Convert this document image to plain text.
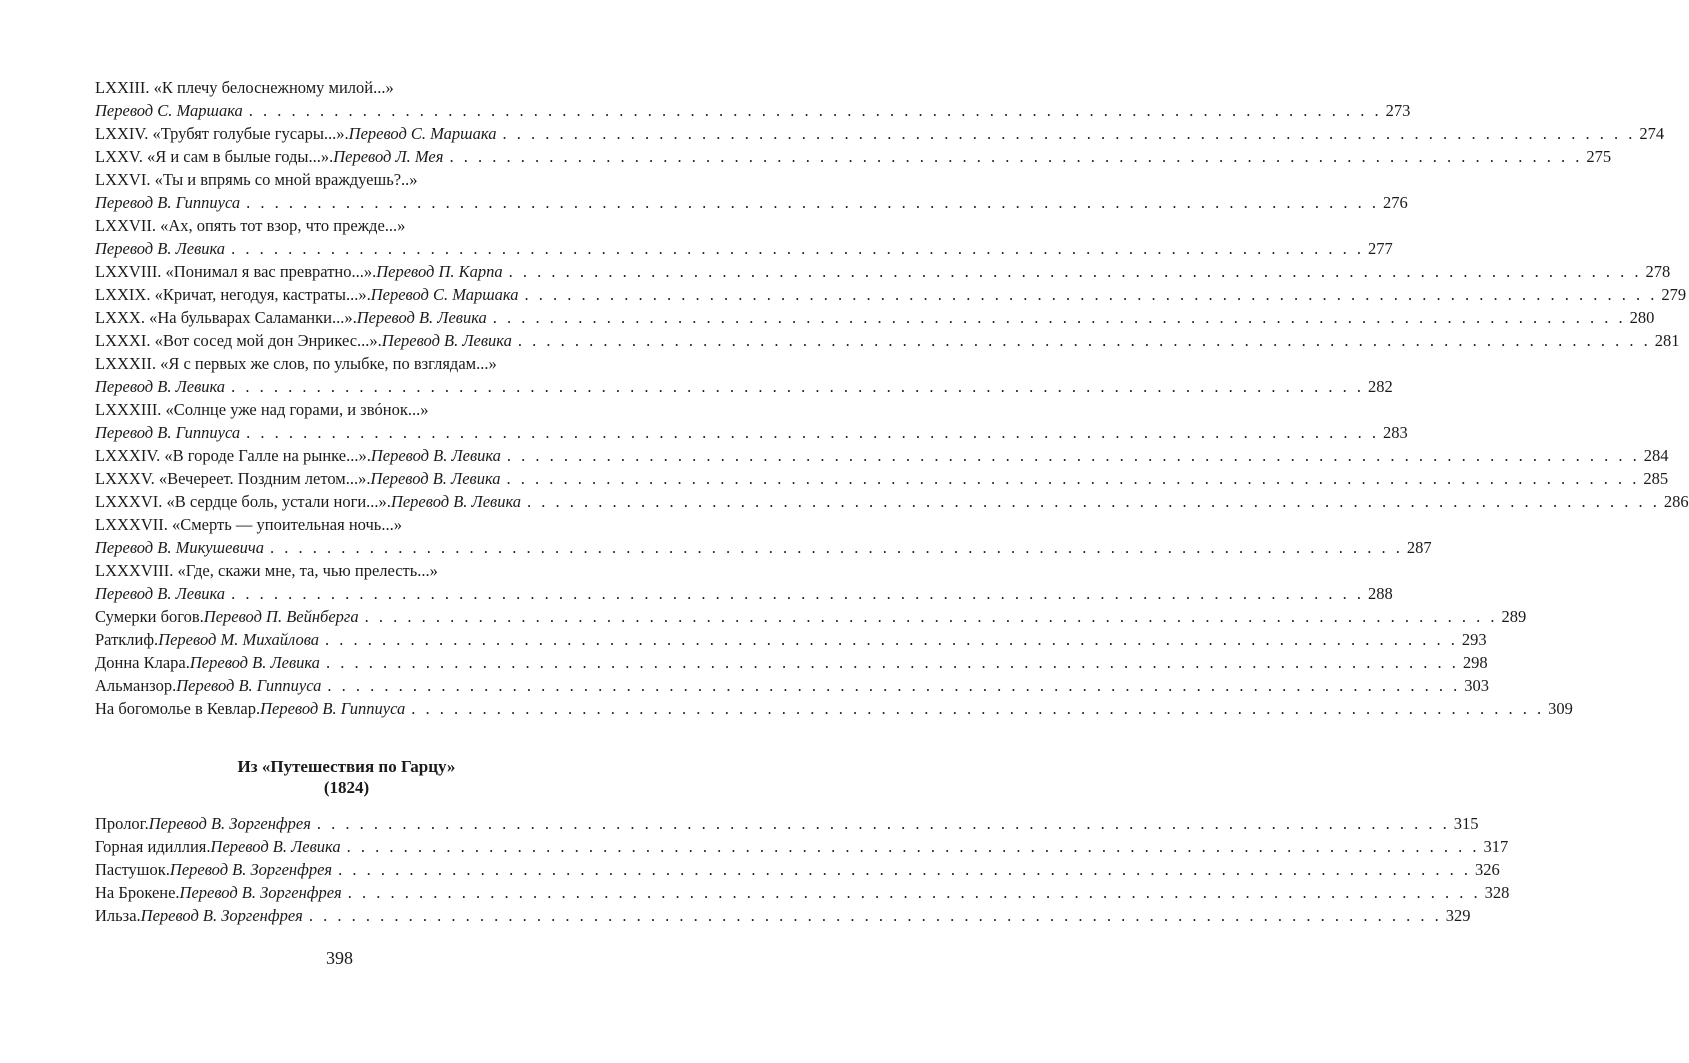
LXXIII. «К плечу белоснежному милой...»
Перевод С. Маршака . . . . . . . . . . . . . . . . . . . . . . . . . . . . . . . . . . . . . . . . . . . . . . . . . . . . . . . . . . . . . . . . . . . . . . . . . . . . . . . . 273
LXXIV. «Трубят голубые гусары...». Перевод С. Маршака . . . . . . . . . . . . . . . . . . . . . . . . . . . . . . . . . . . . . . . . . . . . . . . . . . . . . . . . . . . . . . . . . . . . . . . . . . . . . . . . 274
LXXV. «Я и сам в былые годы...». Перевод Л. Мея . . . . . . . . . . . . . . . . . . . . . . . . . . . . . . . . . . . . . . . . . . . . . . . . . . . . . . . . . . . . . . . . . . . . . . . . . . . . . . . . 275
LXXVI. «Ты и впрямь со мной враждуешь?..»
Перевод В. Гиппиуса . . . . . . . . . . . . . . . . . . . . . . . . . . . . . . . . . . . . . . . . . . . . . . . . . . . . . . . . . . . . . . . . . . . . . . . . . . . . . . . . 276
LXXVII. «Ах, опять тот взор, что прежде...»
Перевод В. Левика . . . . . . . . . . . . . . . . . . . . . . . . . . . . . . . . . . . . . . . . . . . . . . . . . . . . . . . . . . . . . . . . . . . . . . . . . . . . . . . . 277
LXXVIII. «Понимал я вас превратно...». Перевод П. Карпа . . . . . . . . . . . . . . . . . . . . . . . . . . . . . . . . . . . . . . . . . . . . . . . . . . . . . . . . . . . . . . . . . . . . . . . . . . . . . . . . 278
LXXIX. «Кричат, негодуя, кастраты...». Перевод С. Маршака . . . . . . . . . . . . . . . . . . . . . . . . . . . . . . . . . . . . . . . . . . . . . . . . . . . . . . . . . . . . . . . . . . . . . . . . . . . . . . . . 279
LXXX. «На бульварах Саламанки...». Перевод В. Левика . . . . . . . . . . . . . . . . . . . . . . . . . . . . . . . . . . . . . . . . . . . . . . . . . . . . . . . . . . . . . . . . . . . . . . . . . . . . . . . . 280
LXXXI. «Вот сосед мой дон Энрикес...». Перевод В. Левика . . . . . . . . . . . . . . . . . . . . . . . . . . . . . . . . . . . . . . . . . . . . . . . . . . . . . . . . . . . . . . . . . . . . . . . . . . . . . . . . 281
LXXXII. «Я с первых же слов, по улыбке, по взглядам...»
Перевод В. Левика . . . . . . . . . . . . . . . . . . . . . . . . . . . . . . . . . . . . . . . . . . . . . . . . . . . . . . . . . . . . . . . . . . . . . . . . . . . . . . . . 282
LXXXIII. «Солнце уже над горами, и звóнок...»
Перевод В. Гиппиуса . . . . . . . . . . . . . . . . . . . . . . . . . . . . . . . . . . . . . . . . . . . . . . . . . . . . . . . . . . . . . . . . . . . . . . . . . . . . . . . . 283
LXXXIV. «В городе Галле на рынке...». Перевод В. Левика . . . . . . . . . . . . . . . . . . . . . . . . . . . . . . . . . . . . . . . . . . . . . . . . . . . . . . . . . . . . . . . . . . . . . . . . . . . . . . . . 284
LXXXV. «Вечереет. Поздним летом...». Перевод В. Левика . . . . . . . . . . . . . . . . . . . . . . . . . . . . . . . . . . . . . . . . . . . . . . . . . . . . . . . . . . . . . . . . . . . . . . . . . . . . . . . . 285
LXXXVI. «В сердце боль, устали ноги...». Перевод В. Левика . . . . . . . . . . . . . . . . . . . . . . . . . . . . . . . . . . . . . . . . . . . . . . . . . . . . . . . . . . . . . . . . . . . . . . . . . . . . . . . . 286
LXXXVII. «Смерть — упоительная ночь...»
Перевод В. Микушевича . . . . . . . . . . . . . . . . . . . . . . . . . . . . . . . . . . . . . . . . . . . . . . . . . . . . . . . . . . . . . . . . . . . . . . . . . . . . . . . . 287
LXXXVIII. «Где, скажи мне, та, чью прелесть...»
Перевод В. Левика . . . . . . . . . . . . . . . . . . . . . . . . . . . . . . . . . . . . . . . . . . . . . . . . . . . . . . . . . . . . . . . . . . . . . . . . . . . . . . . . 288
Сумерки богов. Перевод П. Вейнберга . . . . . . . . . . . . . . . . . . . . . . . . . . . . . . . . . . . . . . . . . . . . . . . . . . . . . . . . . . . . . . . . . . . . . . . . . . . . . . . . 289
Ратклиф. Перевод М. Михайлова . . . . . . . . . . . . . . . . . . . . . . . . . . . . . . . . . . . . . . . . . . . . . . . . . . . . . . . . . . . . . . . . . . . . . . . . . . . . . . . . 293
Донна Клара. Перевод В. Левика . . . . . . . . . . . . . . . . . . . . . . . . . . . . . . . . . . . . . . . . . . . . . . . . . . . . . . . . . . . . . . . . . . . . . . . . . . . . . . . . 298
Альманзор. Перевод В. Гиппиуса . . . . . . . . . . . . . . . . . . . . . . . . . . . . . . . . . . . . . . . . . . . . . . . . . . . . . . . . . . . . . . . . . . . . . . . . . . . . . . . . 303
На богомолье в Кевлар. Перевод В. Гиппиуса . . . . . . . . . . . . . . . . . . . . . . . . . . . . . . . . . . . . . . . . . . . . . . . . . . . . . . . . . . . . . . . . . . . . . . . . . . . . . . . . 309
Из «Путешествия по Гарцу»
(1824)
Пролог. Перевод В. Зоргенфрея . . . . . . . . . . . . . . . . . . . . . . . . . . . . . . . . . . . . . . . . . . . . . . . . . . . . . . . . . . . . . . . . . . . . . . . . . . . . . . . . 315
Горная идиллия. Перевод В. Левика . . . . . . . . . . . . . . . . . . . . . . . . . . . . . . . . . . . . . . . . . . . . . . . . . . . . . . . . . . . . . . . . . . . . . . . . . . . . . . . . 317
Пастушок. Перевод В. Зоргенфрея . . . . . . . . . . . . . . . . . . . . . . . . . . . . . . . . . . . . . . . . . . . . . . . . . . . . . . . . . . . . . . . . . . . . . . . . . . . . . . . . 326
На Брокене. Перевод В. Зоргенфрея . . . . . . . . . . . . . . . . . . . . . . . . . . . . . . . . . . . . . . . . . . . . . . . . . . . . . . . . . . . . . . . . . . . . . . . . . . . . . . . . 328
Ильза. Перевод В. Зоргенфрея . . . . . . . . . . . . . . . . . . . . . . . . . . . . . . . . . . . . . . . . . . . . . . . . . . . . . . . . . . . . . . . . . . . . . . . . . . . . . . . . 329
398
